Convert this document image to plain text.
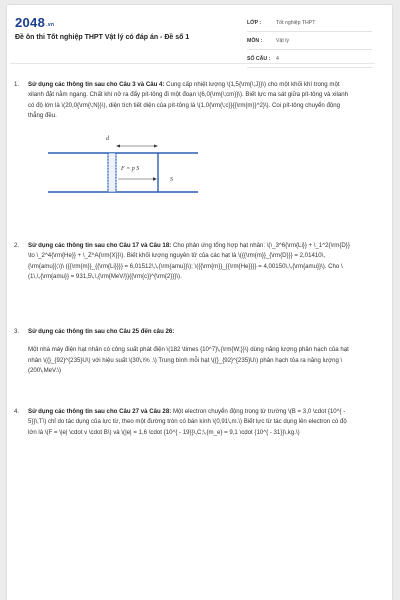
2048.vn
Đề ôn thi Tốt nghiệp THPT Vật lý có đáp án - Đề số 1
LỚP :	Tốt nghiệp THPT
MÔN :	Vật lý
SỐ CÂU :	4
1. Sử dụng các thông tin sau cho Câu 3 và Câu 4: Cung cấp nhiệt lượng \(1,5{\rm{\;J}}\) cho một khối khí trong một xilanh đặt nằm ngang. Chất khí nở ra đẩy pít-tông đi một đoạn \(6,0{\rm{\;cm}}\). Biết lực ma sát giữa pít-tông và xilanh có độ lớn là \(20,0{\rm{\;N}}\), diện tích tiết diện của pít-tông là \(1,0{\rm{\;c}}{{\rm{m}}^2}\). Coi pít-tông chuyển động thẳng đều.
d
F = p S
S
2. Sử dụng các thông tin sau cho Câu 17 và Câu 18: Cho phản ứng tổng hợp hạt nhân: \(\_3^6{\rm{Li}} + \_1^2{\rm{D}} \to \_2^4{\rm{He}} + \_Z^A{\rm{X}}\). Biết khối lượng nguyên tử của các hạt là \({{\rm{m}}_{\rm{D}}} = 2,01410\,{\rm{amu}};\)\ ({{\rm{m}}_{{\rm{Li}}}} = 6,01512\,\,{\rm{amu}}\); \({{\rm{m}}_{{\rm{He}}}} = 4,00150\,\,{\rm{amu}}\). Cho \(1\,\,{\rm{amu}} = 931,5\,\,{\rm{MeV/}}{{\rm{c}}^{\rm{2}}}\).
3. Sử dụng các thông tin sau cho Câu 25 đến câu 26:

Một nhà máy điện hạt nhân có công suất phát điện \(182 \times {10^7}\,{\rm{W;}}\) dùng năng lượng phân hạch của hạt nhân \({}_{92}^{235}U\) với hiệu suất \(30\,\% .\) Trung bình mỗi hạt \({}_{92}^{235}U\) phân hạch tỏa ra năng lượng \(200\,MeV.\)
4. Sử dụng các thông tin sau cho Câu 27 và Câu 28: Một electron chuyển động trong từ trường \(B = 3,0 \cdot {10^{ - 5}}\,T\) chỉ do tác dụng của lực từ, theo một đường tròn có bán kính \(0,91\,m.\) Biết lực từ tác dụng lên electron có độ lớn là \(F = \|e| \cdot v \cdot B\) và \(|e| = 1,6 \cdot {10^{ - 19}}\,C;\,{m_e} = 9,1 \cdot {10^{ - 31}}\,kg.\)
